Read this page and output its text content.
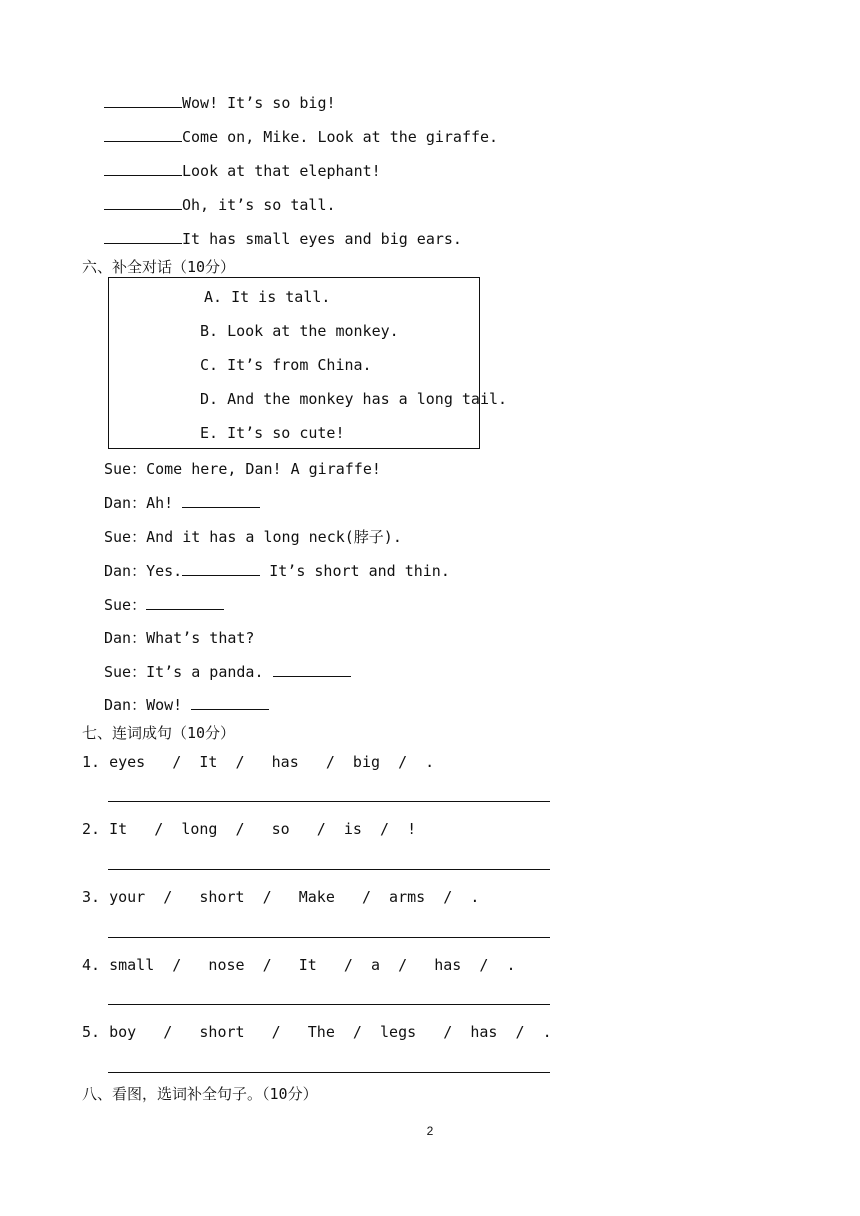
Wow! It’s so big!
Come on, Mike. Look at the giraffe.
Look at that elephant!
Oh, it’s so tall.
It has small eyes and big ears.
六、补全对话（10分）
A. It is tall.
B. Look at the monkey.
C. It’s from China.
D. And the monkey has a long tail.
E. It’s so cute!
Sue：Come here, Dan! A giraffe!
Dan：Ah!
Sue：And it has a long neck(脖子).
Dan：Yes.	It’s short and thin.
Sue：
Dan：What’s that?
Sue：It’s a panda.
Dan：Wow!
七、连词成句（10分）
1. eyes   /  It  /   has   /  big  /  .
2. It   /  long  /   so   /  is  /  !
3. your  /   short  /   Make   /  arms  /  .
4. small  /   nose  /   It   /  a  /   has  /  .
5. boy   /   short   /   The  /  legs   /  has  /  .
八、看图，选词补全句子。（10分）
2
